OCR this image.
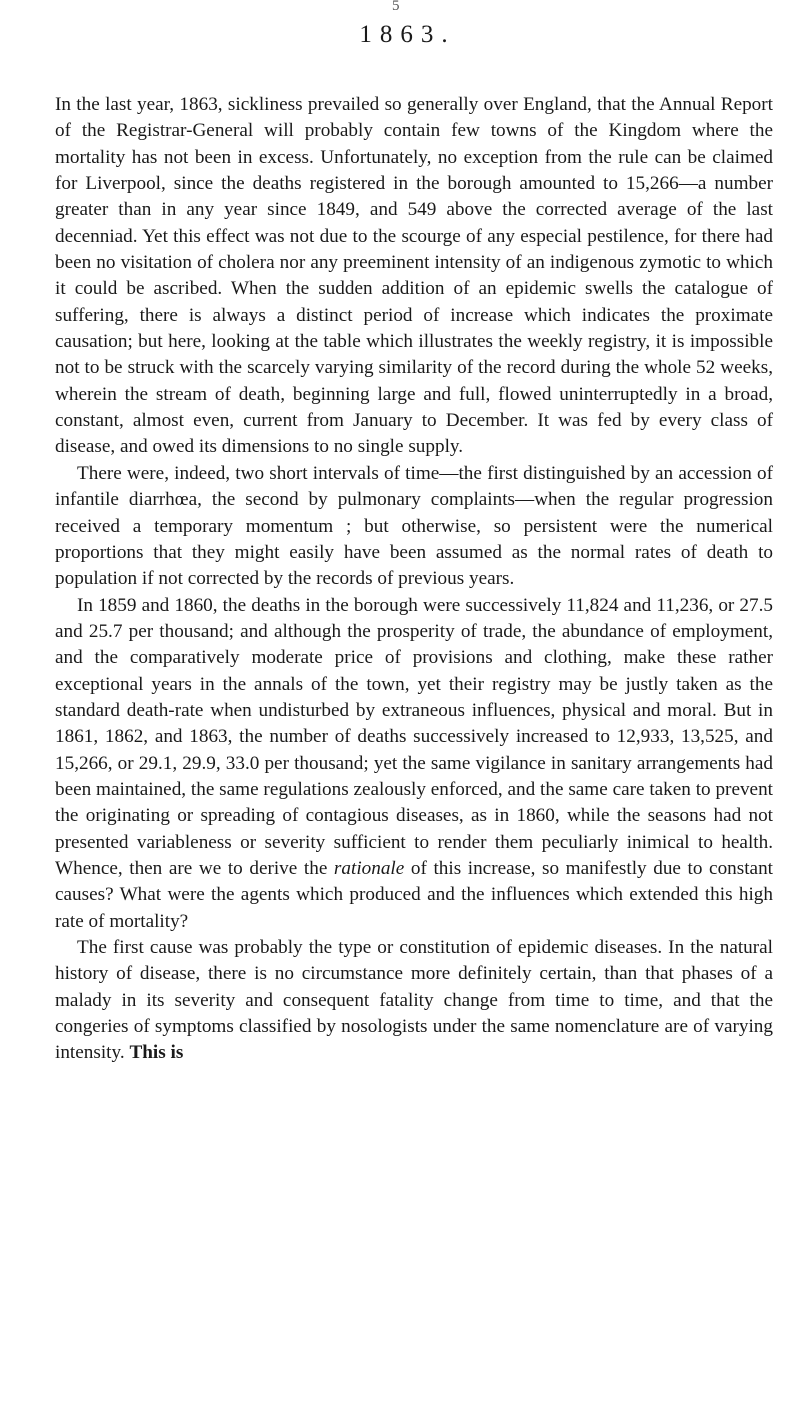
5
1863.

In the last year, 1863, sickliness prevailed so generally over England, that the Annual Report of the Registrar-General will probably contain few towns of the Kingdom where the mortality has not been in excess. Unfortunately, no exception from the rule can be claimed for Liverpool, since the deaths registered in the borough amounted to 15,266—a number greater than in any year since 1849, and 549 above the corrected average of the last decenniad. Yet this effect was not due to the scourge of any especial pestilence, for there had been no visitation of cholera nor any preeminent intensity of an indigenous zymotic to which it could be ascribed. When the sudden addition of an epidemic swells the catalogue of suffering, there is always a distinct period of increase which indicates the proximate causation; but here, looking at the table which illustrates the weekly registry, it is impossible not to be struck with the scarcely varying similarity of the record during the whole 52 weeks, wherein the stream of death, beginning large and full, flowed uninterruptedly in a broad, constant, almost even, current from January to December. It was fed by every class of disease, and owed its dimensions to no single supply.

There were, indeed, two short intervals of time—the first distinguished by an accession of infantile diarrhœa, the second by pulmonary complaints—when the regular progression received a temporary momentum ; but otherwise, so persistent were the numerical proportions that they might easily have been assumed as the normal rates of death to population if not corrected by the records of previous years.

In 1859 and 1860, the deaths in the borough were successively 11,824 and 11,236, or 27.5 and 25.7 per thousand; and although the prosperity of trade, the abundance of employment, and the comparatively moderate price of provisions and clothing, make these rather exceptional years in the annals of the town, yet their registry may be justly taken as the standard death-rate when undisturbed by extraneous influences, physical and moral. But in 1861, 1862, and 1863, the number of deaths successively increased to 12,933, 13,525, and 15,266, or 29.1, 29.9, 33.0 per thousand; yet the same vigilance in sanitary arrangements had been maintained, the same regulations zealously enforced, and the same care taken to prevent the originating or spreading of contagious diseases, as in 1860, while the seasons had not presented variableness or severity sufficient to render them peculiarly inimical to health. Whence, then are we to derive the rationale of this increase, so manifestly due to constant causes? What were the agents which produced and the influences which extended this high rate of mortality?

The first cause was probably the type or constitution of epidemic diseases. In the natural history of disease, there is no circumstance more definitely certain, than that phases of a malady in its severity and consequent fatality change from time to time, and that the congeries of symptoms classified by nosologists under the same nomenclature are of varying intensity. This is
